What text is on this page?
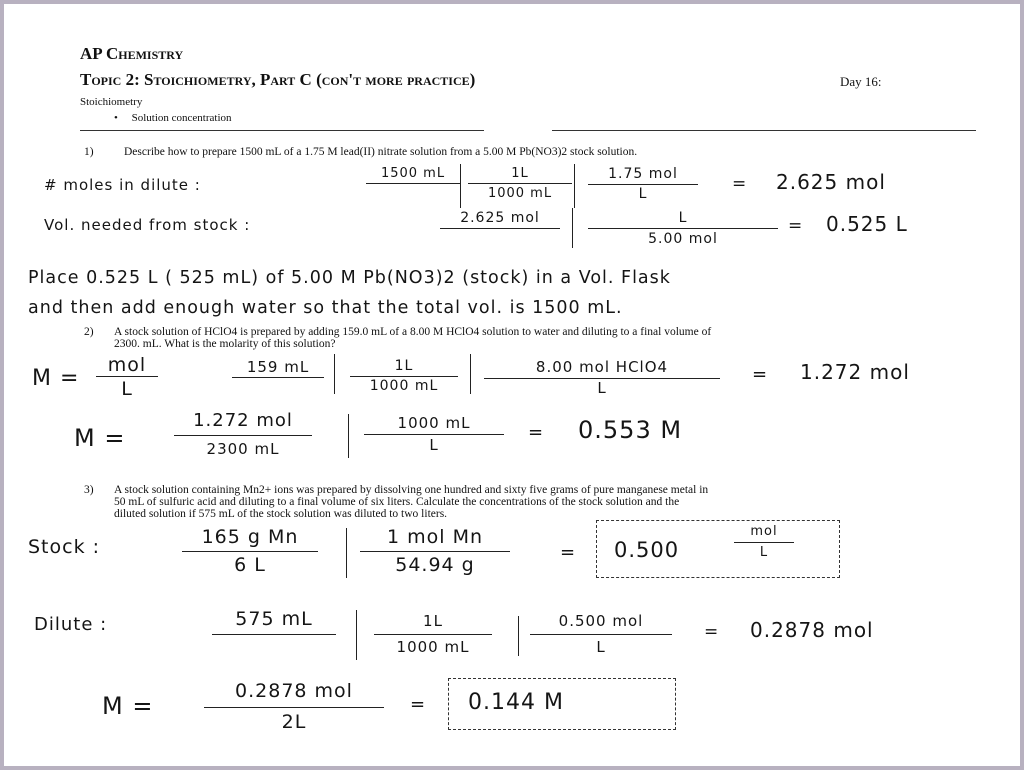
AP Chemistry
Topic 2: Stoichiometry, Part C (con't more practice)	Day 16:
Stoichiometry
•     Solution concentration
1)	Describe how to prepare 1500 mL of a 1.75 M lead(II) nitrate solution from a 5.00 M Pb(NO3)2 stock solution.
# moles in dilute :
1500 mL	1L
1000 mL
1.75 mol
L	= 2.625 mol
Vol. needed from stock :	2.625 mol	L
5.00 mol
= 0.525 L
Place 0.525 L ( 525 mL) of 5.00 M Pb(NO3)2 (stock) in a Vol. Flask
and then add enough water so that the total vol. is 1500 mL.
2) A stock solution of HClO4 is prepared by adding 159.0 mL of a 8.00 M HClO4 solution to water and diluting to a final volume of
2300. mL. What is the molarity of this solution?
M =
mol
L
159 mL	1L
1000 mL
8.00 mol HClO4
L
= 1.272 mol
M =
1.272 mol
2300 mL
1000 mL
L
= 0.553 M
3) A stock solution containing Mn2+ ions was prepared by dissolving one hundred and sixty five grams of pure manganese metal in
50 mL of sulfuric acid and diluting to a final volume of six liters. Calculate the concentrations of the stock solution and the
diluted solution if 575 mL of the stock solution was diluted to two liters.
Stock :	165 g Mn
6 L
1 mol Mn
54.94 g
= 0.500
mol
L
Dilute :	575 mL	1L
1000 mL
0.500 mol
L
= 0.2878 mol
M =
0.2878 mol
2L
= 0.144 M
